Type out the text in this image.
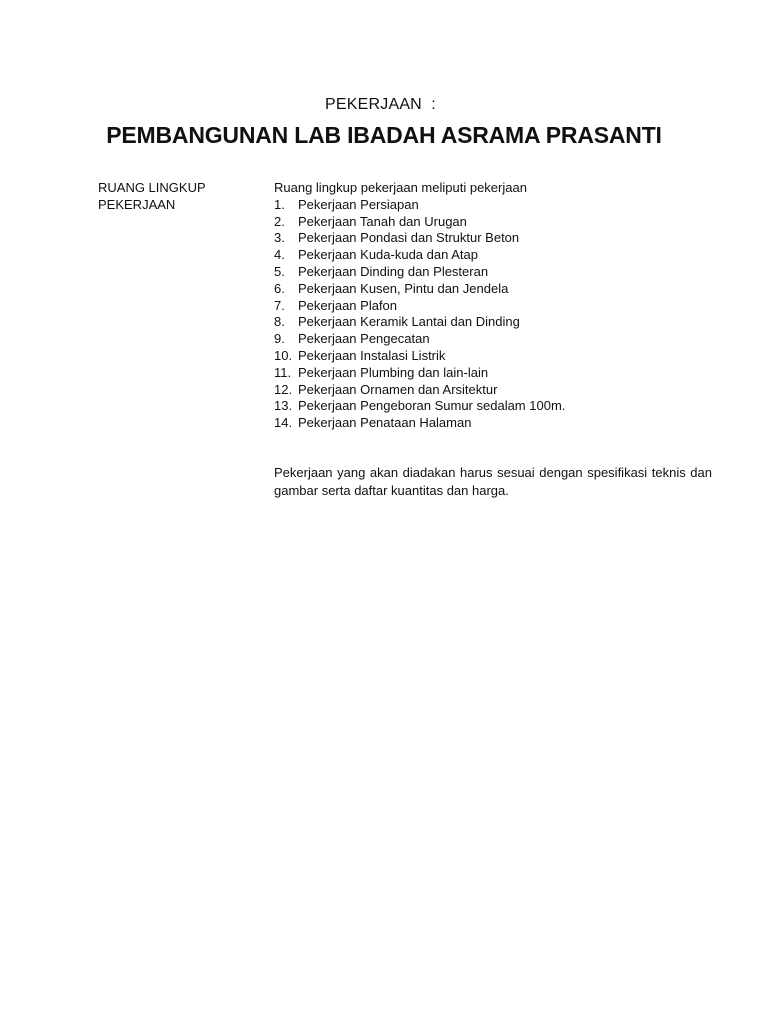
PEKERJAAN  :
PEMBANGUNAN LAB IBADAH ASRAMA PRASANTI
RUANG LINGKUP
PEKERJAAN
Ruang lingkup pekerjaan meliputi pekerjaan
1.	Pekerjaan Persiapan
2.	Pekerjaan Tanah dan Urugan
3.	Pekerjaan Pondasi dan Struktur Beton
4.	Pekerjaan Kuda-kuda dan Atap
5.	Pekerjaan Dinding dan Plesteran
6.	Pekerjaan Kusen, Pintu dan Jendela
7.	Pekerjaan Plafon
8.	Pekerjaan Keramik Lantai dan Dinding
9.	Pekerjaan Pengecatan
10. Pekerjaan Instalasi Listrik
11. Pekerjaan Plumbing dan lain-lain
12. Pekerjaan Ornamen dan Arsitektur
13. Pekerjaan Pengeboran Sumur sedalam 100m.
14. Pekerjaan Penataan Halaman
Pekerjaan yang akan diadakan harus sesuai dengan spesifikasi teknis dan gambar serta daftar kuantitas dan harga.
